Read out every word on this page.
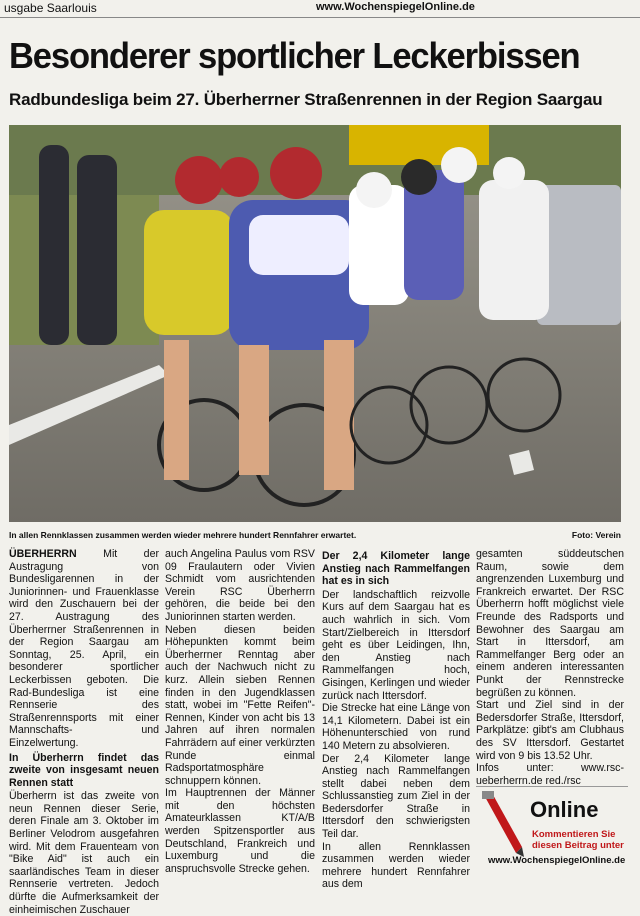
usgabe Saarlouis	www.WochenspiegelOnline.de
Besonderer sportlicher Leckerbissen
Radbundesliga beim 27. Überherrner Straßenrennen in der Region Saargau
In allen Rennklassen zusammen werden wieder mehrere hundert Rennfahrer erwartet.	Foto: Verein

ÜBERHERRN Mit der Austragung von Bundesligarennen in der Juniorinnen- und Frauenklasse wird den Zuschauern bei der 27. Austragung des Überherrner Straßenrennen in der Region Saargau am Sonntag, 25. April, ein besonderer sportlicher Leckerbissen geboten. Die Rad-Bundesliga ist eine Rennserie des Straßenrennsports mit einer Mannschafts- und Einzelwertung.

In Überherrn findet das zweite von insgesamt neuen Rennen statt

Überherrn ist das zweite von neun Rennen dieser Serie, deren Finale am 3. Oktober im Berliner Velodrom ausgefahren wird. Mit dem Frauenteam von "Bike Aid" ist auch ein saarländisches Team in dieser Rennserie vertreten. Jedoch dürfte die Aufmerksamkeit der einheimischen Zuschauer

auch Angelina Paulus vom RSV 09 Fraulautern oder Vivien Schmidt vom ausrichtenden Verein RSC Überherrn gehören, die beide bei den Juniorinnen starten werden.

Neben diesen beiden Höhepunkten kommt beim Überherrner Renntag aber auch der Nachwuch nicht zu kurz. Allein sieben Rennen finden in den Jugendklassen statt, wobei im "Fette Reifen"-Rennen, Kinder von acht bis 13 Jahren auf ihren normalen Fahrrädern auf einer verkürzten Runde einmal Radsportatmosphäre schnuppern können.

Im Hauptrennen der Männer mit den höchsten Amateurklassen KT/A/B werden Spitzensportler aus Deutschland, Frankreich und Luxemburg und die anspruchsvolle Strecke gehen.

Der 2,4 Kilometer lange Anstieg nach Rammelfangen hat es in sich

Der landschaftlich reizvolle Kurs auf dem Saargau hat es auch wahrlich in sich. Vom Start/Zielbereich in Ittersdorf geht es über Leidingen, Ihn, den Anstieg nach Rammelfangen hoch, Gisingen, Kerlingen und wieder zurück nach Ittersdorf.

Die Strecke hat eine Länge von 14,1 Kilometern. Dabei ist ein Höhenunterschied von rund 140 Metern zu absolvieren.

Der 2,4 Kilometer lange Anstieg nach Rammelfangen stellt dabei neben dem Schlussanstieg zum Ziel in der Bedersdorfer Straße in Ittersdorf den schwierigsten Teil dar.

In allen Rennklassen zusammen werden wieder mehrere hundert Rennfahrer aus dem

gesamten süddeutschen Raum, sowie dem angrenzenden Luxemburg und Frankreich erwartet. Der RSC Überherrn hofft möglichst viele Freunde des Radsports und Bewohner des Saargau am Start in Ittersdorf, am Rammelfanger Berg oder an einem anderen interessanten Punkt der Rennstrecke begrüßen zu können.

Start und Ziel sind in der Bedersdorfer Straße, Ittersdorf, Parkplätze: gibt's am Clubhaus des SV Ittersdorf. Gestartet wird von 9 bis 13.52 Uhr.

Infos unter: www.rsc-ueberherrn.de red./rsc

Online
Kommentieren Sie
diesen Beitrag unter
www.WochenspiegelOnline.de
